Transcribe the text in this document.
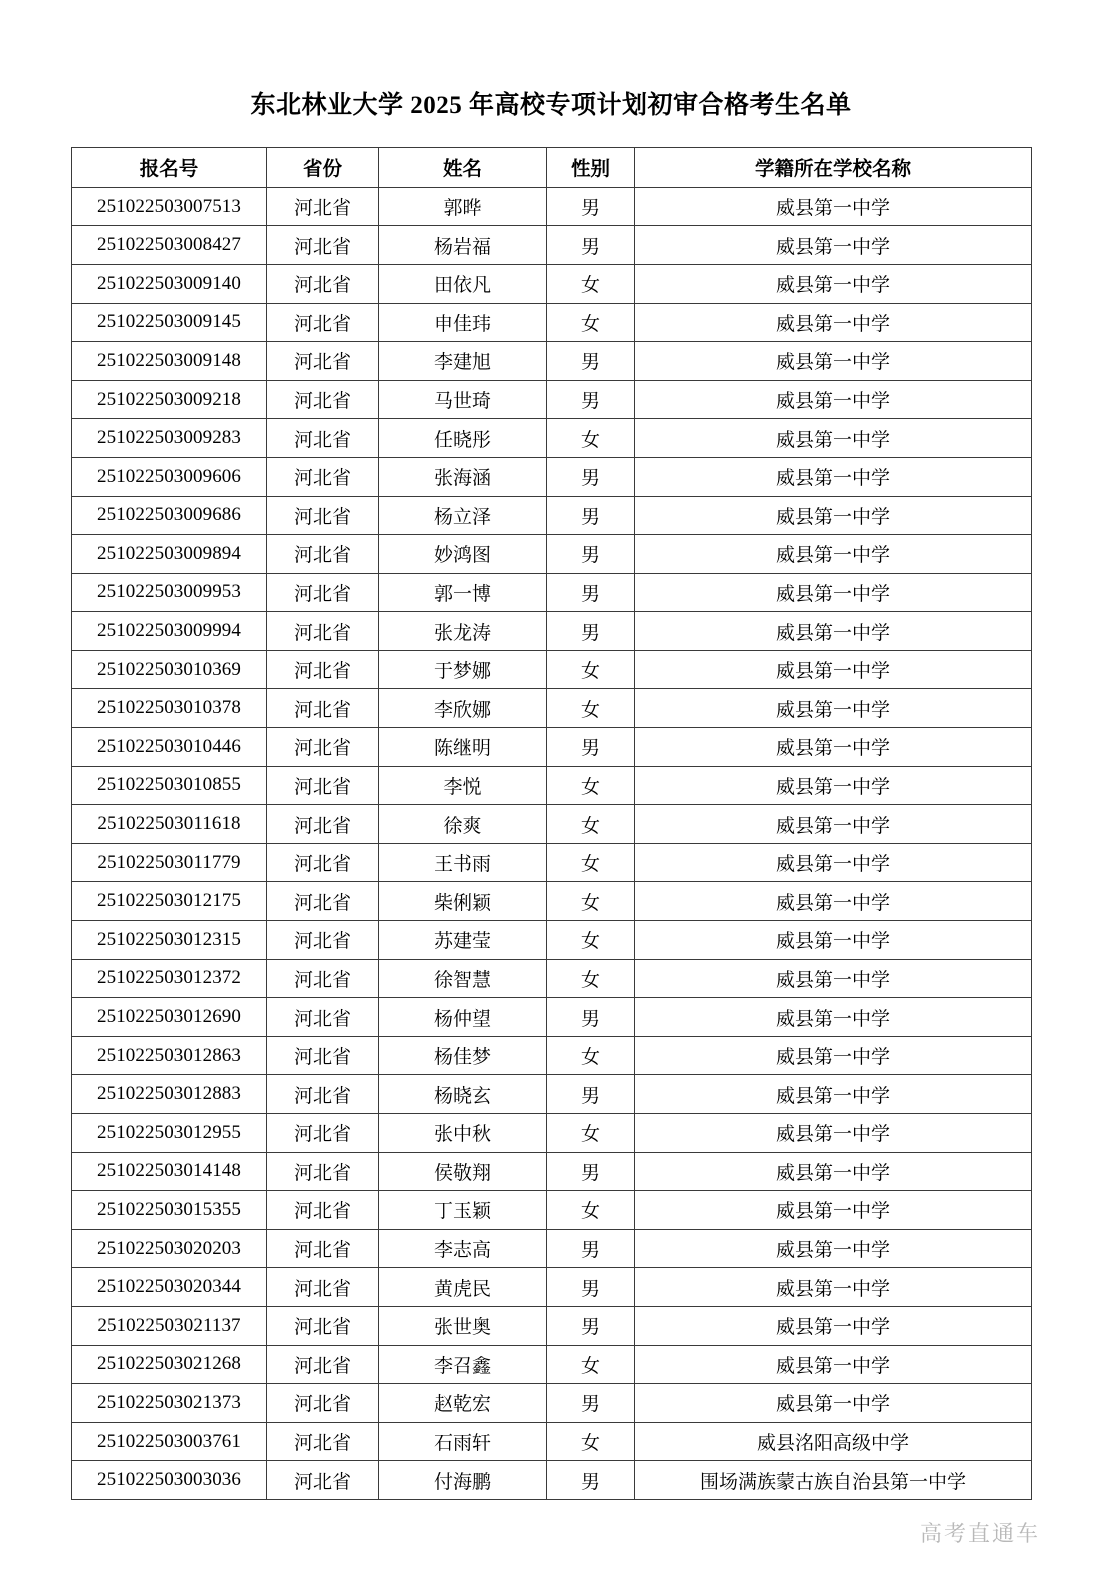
东北林业大学 2025 年高校专项计划初审合格考生名单
报名号	省份	姓名	性别	学籍所在学校名称
251022503007513	河北省	郭晔	男	威县第一中学
251022503008427	河北省	杨岩福	男	威县第一中学
251022503009140	河北省	田依凡	女	威县第一中学
251022503009145	河北省	申佳玮	女	威县第一中学
251022503009148	河北省	李建旭	男	威县第一中学
251022503009218	河北省	马世琦	男	威县第一中学
251022503009283	河北省	任晓彤	女	威县第一中学
251022503009606	河北省	张海涵	男	威县第一中学
251022503009686	河北省	杨立泽	男	威县第一中学
251022503009894	河北省	妙鸿图	男	威县第一中学
251022503009953	河北省	郭一博	男	威县第一中学
251022503009994	河北省	张龙涛	男	威县第一中学
251022503010369	河北省	于梦娜	女	威县第一中学
251022503010378	河北省	李欣娜	女	威县第一中学
251022503010446	河北省	陈继明	男	威县第一中学
251022503010855	河北省	李悦	女	威县第一中学
251022503011618	河北省	徐爽	女	威县第一中学
251022503011779	河北省	王书雨	女	威县第一中学
251022503012175	河北省	柴俐颖	女	威县第一中学
251022503012315	河北省	苏建莹	女	威县第一中学
251022503012372	河北省	徐智慧	女	威县第一中学
251022503012690	河北省	杨仲望	男	威县第一中学
251022503012863	河北省	杨佳梦	女	威县第一中学
251022503012883	河北省	杨晓玄	男	威县第一中学
251022503012955	河北省	张中秋	女	威县第一中学
251022503014148	河北省	侯敬翔	男	威县第一中学
251022503015355	河北省	丁玉颖	女	威县第一中学
251022503020203	河北省	李志高	男	威县第一中学
251022503020344	河北省	黄虎民	男	威县第一中学
251022503021137	河北省	张世奥	男	威县第一中学
251022503021268	河北省	李召鑫	女	威县第一中学
251022503021373	河北省	赵乾宏	男	威县第一中学
251022503003761	河北省	石雨轩	女	威县洺阳高级中学
251022503003036	河北省	付海鹏	男	围场满族蒙古族自治县第一中学
高考直通车
